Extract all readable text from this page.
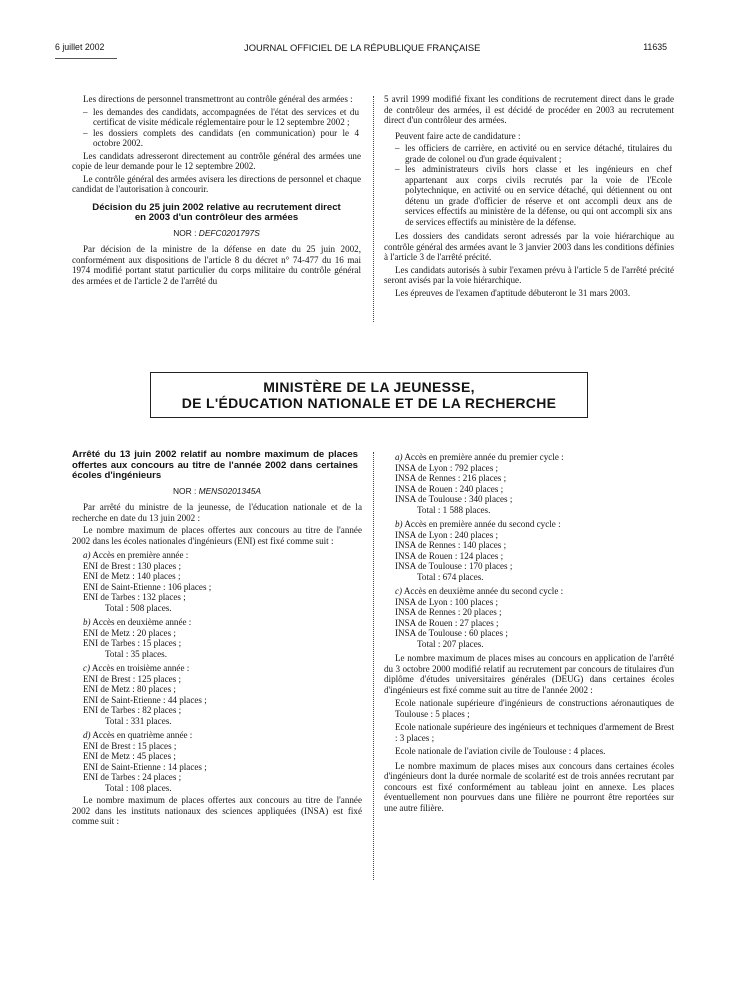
6 juillet 2002	JOURNAL OFFICIEL DE LA RÉPUBLIQUE FRANÇAISE	11635

Les directions de personnel transmettront au contrôle général des armées :

– les demandes des candidats, accompagnées de l'état des services et du certificat de visite médicale réglementaire pour le 12 septembre 2002 ;
– les dossiers complets des candidats (en communication) pour le 4 octobre 2002.

Les candidats adresseront directement au contrôle général des armées une copie de leur demande pour le 12 septembre 2002.

Le contrôle général des armées avisera les directions de personnel et chaque candidat de l'autorisation à concourir.

Décision du 25 juin 2002 relative au recrutement direct en 2003 d'un contrôleur des armées

NOR : DEFC0201797S

Par décision de la ministre de la défense en date du 25 juin 2002, conformément aux dispositions de l'article 8 du décret n° 74-477 du 16 mai 1974 modifié portant statut particulier du corps militaire du contrôle général des armées et de l'article 2 de l'arrêté du

5 avril 1999 modifié fixant les conditions de recrutement direct dans le grade de contrôleur des armées, il est décidé de procéder en 2003 au recrutement direct d'un contrôleur des armées.

Peuvent faire acte de candidature :

– les officiers de carrière, en activité ou en service détaché, titulaires du grade de colonel ou d'un grade équivalent ;
– les administrateurs civils hors classe et les ingénieurs en chef appartenant aux corps civils recrutés par la voie de l'Ecole polytechnique, en activité ou en service détaché, qui détiennent ou ont détenu un grade d'officier de réserve et ont accompli deux ans de services effectifs au ministère de la défense, ou qui ont accompli six ans de services effectifs au ministère de la défense.

Les dossiers des candidats seront adressés par la voie hiérarchique au contrôle général des armées avant le 3 janvier 2003 dans les conditions définies à l'article 3 de l'arrêté précité.

Les candidats autorisés à subir l'examen prévu à l'article 5 de l'arrêté précité seront avisés par la voie hiérarchique.

Les épreuves de l'examen d'aptitude débuteront le 31 mars 2003.

MINISTÈRE DE LA JEUNESSE,
DE L'ÉDUCATION NATIONALE ET DE LA RECHERCHE
Arrêté du 13 juin 2002 relatif au nombre maximum de places offertes aux concours au titre de l'année 2002 dans certaines écoles d'ingénieurs

NOR : MENS0201345A

Par arrêté du ministre de la jeunesse, de l'éducation nationale et de la recherche en date du 13 juin 2002 :

Le nombre maximum de places offertes aux concours au titre de l'année 2002 dans les écoles nationales d'ingénieurs (ENI) est fixé comme suit :

a) Accès en première année :

ENI de Brest : 130 places ;

ENI de Metz : 140 places ;

ENI de Saint-Etienne : 106 places ;

ENI de Tarbes : 132 places ;

Total : 508 places.

b) Accès en deuxième année :

ENI de Metz : 20 places ;

ENI de Tarbes : 15 places ;

Total : 35 places.

c) Accès en troisième année :

ENI de Brest : 125 places ;

ENI de Metz : 80 places ;

ENI de Saint-Etienne : 44 places ;

ENI de Tarbes : 82 places ;

Total : 331 places.

d) Accès en quatrième année :

ENI de Brest : 15 places ;

ENI de Metz : 45 places ;

ENI de Saint-Etienne : 14 places ;

ENI de Tarbes : 24 places ;

Total : 108 places.

Le nombre maximum de places offertes aux concours au titre de l'année 2002 dans les instituts nationaux des sciences appliquées (INSA) est fixé comme suit :

a) Accès en première année du premier cycle :

INSA de Lyon : 792 places ;

INSA de Rennes : 216 places ;

INSA de Rouen : 240 places ;

INSA de Toulouse : 340 places ;

Total : 1 588 places.

b) Accès en première année du second cycle :

INSA de Lyon : 240 places ;

INSA de Rennes : 140 places ;

INSA de Rouen : 124 places ;

INSA de Toulouse : 170 places ;

Total : 674 places.

c) Accès en deuxième année du second cycle :

INSA de Lyon : 100 places ;

INSA de Rennes : 20 places ;

INSA de Rouen : 27 places ;

INSA de Toulouse : 60 places ;

Total : 207 places.

Le nombre maximum de places mises au concours en application de l'arrêté du 3 octobre 2000 modifié relatif au recrutement par concours de titulaires d'un diplôme d'études universitaires générales (DEUG) dans certaines écoles d'ingénieurs est fixé comme suit au titre de l'année 2002 :

Ecole nationale supérieure d'ingénieurs de constructions aéronautiques de Toulouse : 5 places ;

Ecole nationale supérieure des ingénieurs et techniques d'armement de Brest : 3 places ;

Ecole nationale de l'aviation civile de Toulouse : 4 places.

Le nombre maximum de places mises aux concours dans certaines écoles d'ingénieurs dont la durée normale de scolarité est de trois années recrutant par concours est fixé conformément au tableau joint en annexe. Les places éventuellement non pourvues dans une filière ne pourront être reportées sur une autre filière.
